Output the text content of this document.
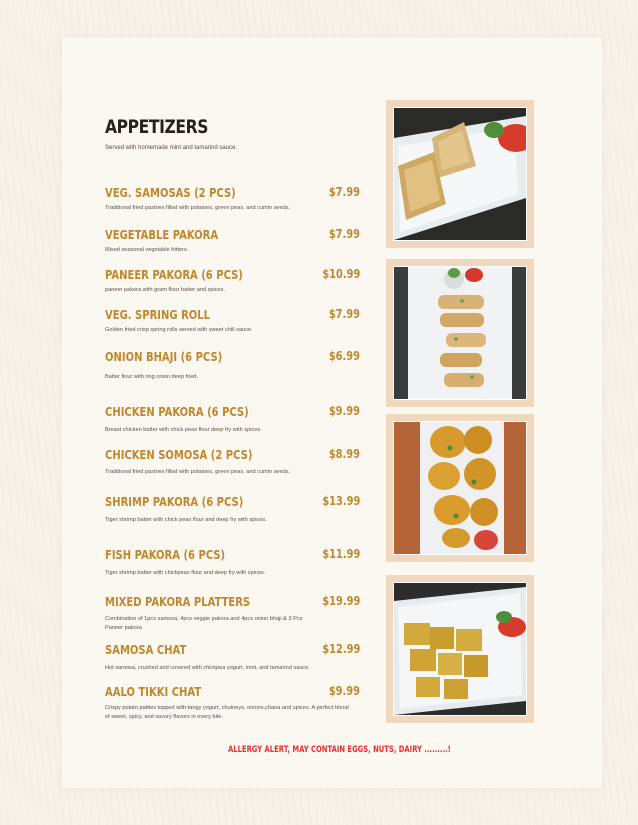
APPETIZERS
Served with homemade mint and tamarind sauce.
VEG. SAMOSAS (2 PCS)	$7.99
Traditional fried pastries filled with potatoes, green peas, and cumin seeds.
VEGETABLE PAKORA	$7.99
Mixed seasonal vegetable fritters.
PANEER PAKORA (6 PCS)	$10.99
paneer pakora with gram flour batter and spices.
VEG. SPRING ROLL	$7.99
Golden fried crisp spring rolls served with sweet chili sauce.
ONION BHAJI (6 PCS)	$6.99
Batter flour with ring onion deep fried.
CHICKEN PAKORA (6 PCS)	$9.99
Breast chicken batter with chick peas flour deep fry with spices.
CHICKEN SOMOSA (2 PCS)	$8.99
Traditional fried pastries filled with potatoes, green peas, and cumin seeds.
SHRIMP PAKORA (6 PCS)	$13.99
Tiger shrimp batter with chick peas flour and deep fry with spices.
FISH PAKORA (6 PCS)	$11.99
Tiger shrimp batter with chickpeas flour and deep fry with spices.
MIXED PAKORA PLATTERS	$19.99
Combination of 1pcs samosa, 4pcs veggie pakora and 4pcs onion bhaji & 3 Pcs Paneer pakora
SAMOSA CHAT	$12.99
Hot samosa, crushed and covered with chickpea yogurt, mint, and tamarind sauce.
AALO TIKKI CHAT	$9.99
Crispy potato patties topped with tangy yogurt, chutneys, onions,chana and spices. A perfect blend of sweet, spicy, and savory flavors in every bite.
ALLERGY ALERT, MAY CONTAIN EGGS, NUTS, DAIRY .........!
